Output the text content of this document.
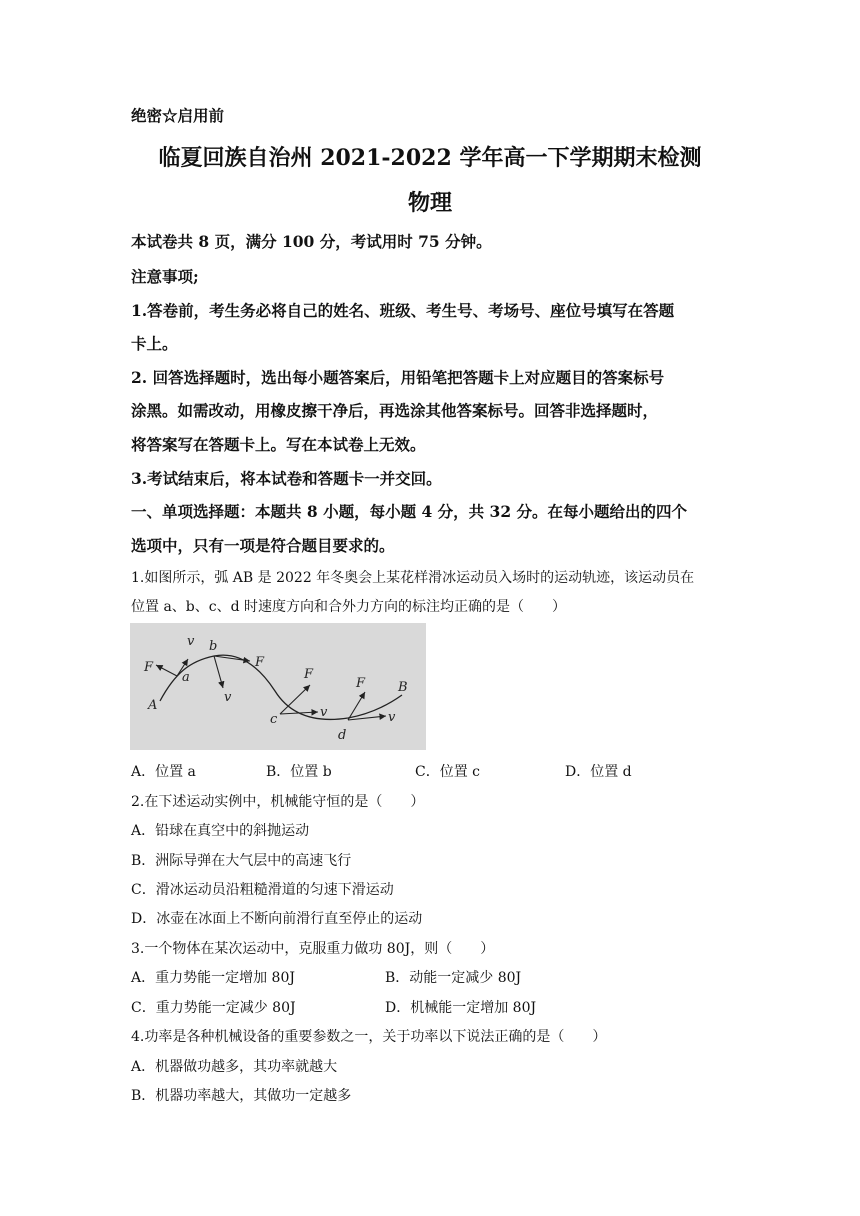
绝密☆启用前
临夏回族自治州 2021-2022 学年高一下学期期末检测
物理
本试卷共 8 页，满分 100 分，考试用时 75 分钟。
注意事项;
1.答卷前，考生务必将自己的姓名、班级、考生号、考场号、座位号填写在答题
卡上。
2. 回答选择题时，选出每小题答案后，用铅笔把答题卡上对应题目的答案标号
涂黑。如需改动，用橡皮擦干净后，再选涂其他答案标号。回答非选择题时，
将答案写在答题卡上。写在本试卷上无效。
3.考试结束后，将本试卷和答题卡一并交回。
一、单项选择题：本题共 8 小题，每小题 4 分，共 32 分。在每小题给出的四个
选项中，只有一项是符合题目要求的。
1.如图所示，弧 AB 是 2022 年冬奥会上某花样滑冰运动员入场时的运动轨迹，该运动员在
位置 a、b、c、d 时速度方向和合外力方向的标注均正确的是（　　）
A
B
a
b
c
d
F
v
F
v
F
v
F
v
A．位置 a	B．位置 b	C．位置 c	D．位置 d
2.在下述运动实例中，机械能守恒的是（　　）
A．铅球在真空中的斜抛运动
B．洲际导弹在大气层中的高速飞行
C．滑冰运动员沿粗糙滑道的匀速下滑运动
D．冰壶在冰面上不断向前滑行直至停止的运动
3.一个物体在某次运动中，克服重力做功 80J，则（　　）
A．重力势能一定增加 80J	B．动能一定减少 80J
C．重力势能一定减少 80J	D．机械能一定增加 80J
4.功率是各种机械设备的重要参数之一，关于功率以下说法正确的是（　　）
A．机器做功越多，其功率就越大
B．机器功率越大，其做功一定越多
